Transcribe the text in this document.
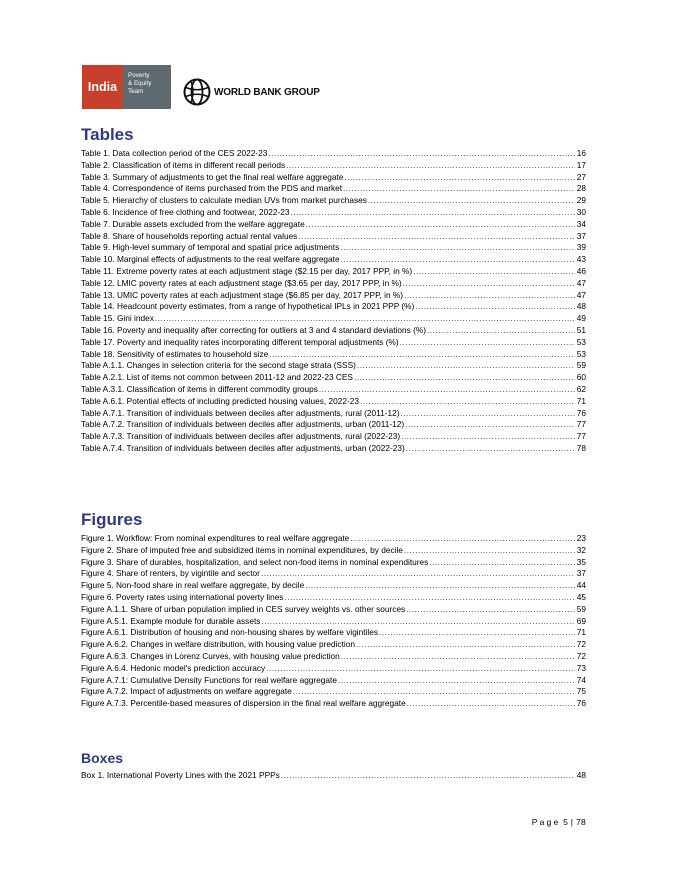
India
Poverty
& Equity
Team	WORLD BANK GROUP
Tables
Table 1. Data collection period of the CES 2022-23 .....	16
Table 2. Classification of items in different recall periods .....	17
Table 3. Summary of adjustments to get the final real welfare aggregate .....	27
Table 4. Correspondence of items purchased from the PDS and market .....	28
Table 5. Hierarchy of clusters to calculate median UVs from market purchases .....	29
Table 6. Incidence of free clothing and footwear, 2022-23 .....	30
Table 7. Durable assets excluded from the welfare aggregate .....	34
Table 8. Share of households reporting actual rental values .....	37
Table 9. High-level summary of temporal and spatial price adjustments .....	39
Table 10. Marginal effects of adjustments to the real welfare aggregate .....	43
Table 11. Extreme poverty rates at each adjustment stage ($2.15 per day, 2017 PPP, in %) .....	46
Table 12. LMIC poverty rates at each adjustment stage ($3.65 per day, 2017 PPP, in %) .....	47
Table 13. UMIC poverty rates at each adjustment stage ($6.85 per day, 2017 PPP, in %) .....	47
Table 14. Headcount poverty estimates, from a range of hypothetical IPLs in 2021 PPP (%) .....	48
Table 15. Gini index .....	49
Table 16. Poverty and inequality after correcting for outliers at 3 and 4 standard deviations (%) .....	51
Table 17. Poverty and inequality rates incorporating different temporal adjustments (%) .....	53
Table 18. Sensitivity of estimates to household size .....	53
Table A.1.1. Changes in selection criteria for the second stage strata (SSS) .....	59
Table A.2.1. List of items not common between 2011-12 and 2022-23 CES .....	60
Table A.3.1. Classification of items in different commodity groups .....	62
Table A.6.1. Potential effects of including predicted housing values, 2022-23 .....	71
Table A.7.1. Transition of individuals between deciles after adjustments, rural (2011-12) .....	76
Table A.7.2. Transition of individuals between deciles after adjustments, urban (2011-12) .....	77
Table A.7.3. Transition of individuals between deciles after adjustments, rural (2022-23) .....	77
Table A.7.4. Transition of individuals between deciles after adjustments, urban (2022-23) .....	78
Figures
Figure 1. Workflow: From nominal expenditures to real welfare aggregate .....	23
Figure 2. Share of imputed free and subsidized items in nominal expenditures, by decile .....	32
Figure 3. Share of durables, hospitalization, and select non-food items in nominal expenditures .....	35
Figure 4. Share of renters, by vigintile and sector .....	37
Figure 5. Non-food share in real welfare aggregate, by decile .....	44
Figure 6. Poverty rates using international poverty lines .....	45
Figure A.1.1. Share of urban population implied in CES survey weights vs. other sources .....	59
Figure A.5.1. Example module for durable assets .....	69
Figure A.6.1. Distribution of housing and non-housing shares by welfare vigintiles .....	71
Figure A.6.2. Changes in welfare distribution, with housing value prediction .....	72
Figure A.6.3. Changes in Lorenz Curves, with housing value prediction .....	72
Figure A.6.4. Hedonic model's prediction accuracy .....	73
Figure A.7.1: Cumulative Density Functions for real welfare aggregate .....	74
Figure A.7.2. Impact of adjustments on welfare aggregate .....	75
Figure A.7.3. Percentile-based measures of dispersion in the final real welfare aggregate .....	76
Boxes
Box 1. International Poverty Lines with the 2021 PPPs .....	48
Page 5 | 78
